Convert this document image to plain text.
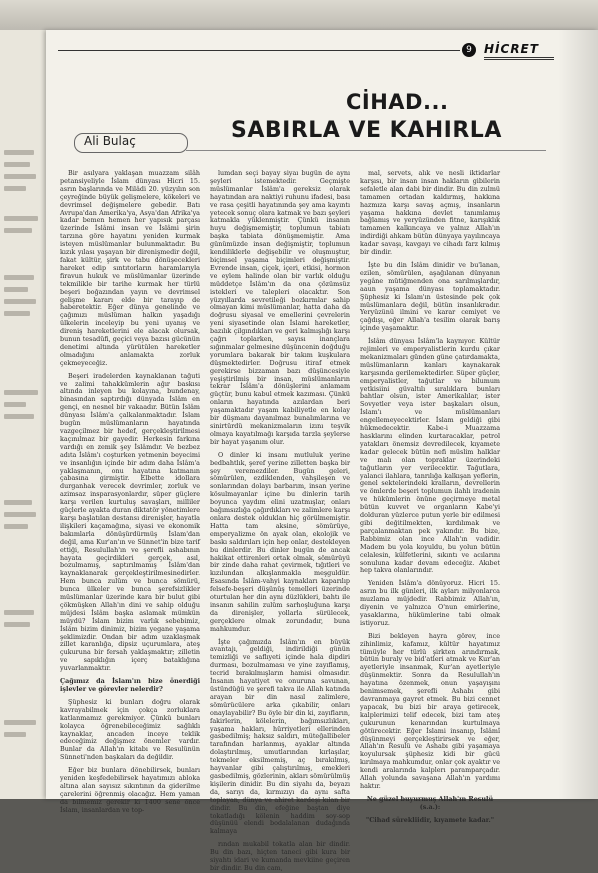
9	HİCRET
CİHAD...
SABIRLA VE KAHIRLA
Ali Bulaç

Bir asılyara yaklaşan muazzam silâh petansiyeliyle İslam dünyası Hicri 15. asrın başlarında ve Milâdi 20. yüzyılın son çeyreğinde büyük gelişmelere, kökeleri ve devrimsel değişmelere gebedir. Batı Avrupa'dan Amerika'ya, Asya'dan Afrika'ya kadar bemen hemen her yapısık parçası üzerinde İslâmi insan ve İslâmi şirin tarzına göre hayatını yeniden kurmak isteyen müslümanlar bulunmaktadır. Bu kızık yılası yaşayan bir direnişmedir değil, fakat kültür, şirk ve tabu dönüşecekleri hareket edip sıntıtorların haramlarıyla firavun hukuk ve müslümanlar üzerinde tekmilikle bir tarihe kurmak her türlü beşeri boğazından yayın ve devrimsel gelişme kararı elde bir tarayıp de haberetektir. Eğer dünya genelinde ve çağımızı müslüman halkın yaşadığı ülkelerin inceleyip bu yeni uyanış ve direniş hareketlerini ele alacak olursak, bunun tesadüfi, geçici veya bazısı gücünün denetimi altında yürütülen hareketler olmadığını anlamakta zorluk çekmeyeceğiz.

Beşeri iradelerden kaynaklanan tağuti ve zalimi tahakkümlerin ağır baskısı altında inleyen bu kolayına, bundenay, binasından saptırdığı dünyada İslâm en gençi, en nesnel bir vakaadır. Bütün İslâm dünyası İslâm'a çalkalanmaktadır. İslam bugün müslümanların hayatında vazgeçilmez bir hedef, gerçekleştirilmesi kaçınılmaz bir gayedir. Herkesin farkına vardığı en zemik şey İslâmdır. Ve bezbez adıta İslâm'ı coşturken yetmenin beyecimi ve insanlığın içinde bir adım daha İslâm'a yaklaşmanın, onu hayatına katmanın çabasına girmiştir. Elbette idollara durganhak verecek devrimler, zorluk ve azimsaz insparasyonlardır, süper güçlere karşı verilen kurtuluş savaşları, milliler güçlerle ayakta duran diktatör yönetimlere karşı başlatılan destansı direnişler, hayatla ilişkileri kaçamağına, siyasi ve ekonomik bakımlarla dönüşürdürmüş İslam'dan değil, ama Kur'an'ın ve Sünnet'in bize tarif ettiği, Resulullah'ın ve şerefli ashabının hayata geçirdikleri gerçek, asıl, bozulmamış, saptırılmamış İslâm'dan kaynaklanarak gerçekleştirilmesinedirler. Hem bunca zulüm ve bunca sömürü, bunca ülkeler ve bunca şerefsizlikler müslümanlar üzerinde kara bir bulut gibi çökmüşken Allah'ın dini ve sahip olduğu müjdesi İslâm başka aslamak mümkün müydü? İslam bizim varlık sebebimiz, İslâm bizim dinimiz, bizim yegane yaşama şeklimizdir. Ondan bir adım uzaklaşmak zillet karanlığa, dipsiz uçurumlara, ateş çukuruna bir fersah yaklaşmaktır; zilletin ve sapıklığın içerç bataklığına yuvarlanmaktır.

Çağımız da İslam'ın bize önerdiği işlevler ve görevler nelerdir?

Şüphesiz ki bunları doğru olarak kavrayabilmek için çokça zorluklara katlanmamız gerekmiyor. Çünkü bunları kolayca öğrenebileceğimiz sağlıklı kaynaklar, ancaden inceye teklik edeceğimiz değişmez önemler vardır. Bunlar da Allah'ın kitabı ve Resulünün Sünneti'nden başkaları da değildir.

Eğer biz bunlara dönebilirsek, bunları yeniden keşfedebilirsek hayatımızı abloka altına alan sayısız sıkıntının da giderilme çarelerini öğrenmiş olacağız. Hem yaman da bilmemiz gerekir ki 1400 sene önce İslam, insanlardan ve top-

lumdan seçi bayay siyaı bugün de aynı şeyleri istemektedir. Geçmişte müslümanlar İslâm'a gereksiz olarak hayatından ara naktiyi ruhunu ifadesi, bası ve rasa çeşitli hayatınında şey ama kayıntı yetecek sonuç olara katmak ve bazı şeyleri katmakla yüklenmiştir. Çünkü insanın huyu değişmemiştir, toplumun tabiatı başka tabiata dönüşmemiştir. Ama günümüzde insan değişmiştir, toplumun kendiliklerle değişebilir ve oluşmuştur, biçimsel yaşama biçimleri değişmiştir. Evrende insan, çiçek, içeri, etkisi, hormon ve eylem halinde olan bir varlık olduğu müddetçe İslâm'ın da ona çözümsüz istekleri ve talepleri olacaktır. Son yüzyıllarda sevretileği bozkırmlar sahip olmayan kimi müslümanlar, hatta daha da doğrusu siyasal ve emellerini çevrelerin yeni siyasetinde olan İslami hareketler, bazılık çilgındıkları ve geri kalmışlığı karşı çağrı toplarken, sayısı inançlara sığınmalar gelmesine düşüncenin doğduğu yorumlara bakarak bir takım kuşkulara düşmektedirler. Doğrusu itiraf etmek gerekirse bizzaman bazı düşüncesiyle yeşiştirilmiş bir insan, müslümanların tekrar İslâm'a dönüşlerini anlamam güçtür, bunu kabul etmek kazıması. Çünkü onların hayatında azılardan beri yaşamaktadır yaşam kabiliyetle en kolay bir düşmanı dayanılmaz bunalımlarına ve sinirtürdü mekanizmaların izını teşvik olmaya kayatılmağı karşıda tarzla şeylerse bir hayat yaşanım olur.

O dinler ki insanı mutluluk yerine bedbahtlık, şeref yerine zilletten başka bir şey veremezdiler. Bugün geleri, sömürülen, ezdiklenden, vahşileşen ve sonlarından dolayı barbarım, insan yerine kösulmayanlar içine bu dinlerin tarih boyunca yaydım elini uzatmışlar, onları bağımsızlığa çağırdıkları ve zalimlere karşı onlara destek olduklan hiç görülmemiştir. Hatta tam aksine, sömürüye, emperyalizme ön ayak olan, ekolojik ve baskı saldırıları için hep onlar, destekleyen bu dinlerdir. Bu dinler bugün de ancak hakikat ettirenleri ortak olmak, sömürüyü bir zinde daha rahat çevirmek, tığıtleri ve kızılundan alkışlanmakla meşguldür. Esasında İslâm-vahyi kaynakları kaparılıp felsefe-beşeri düşünüş temelleri üzerinde oturtulan her din aynı düzlükleri, bahtı ile insanın sahilin zulüm sarhoşluğuna karşı da direnişler, yollarla sürülecek, gerçeklere olmak zorundadır, buna mahkumdur.

İşte çağımızda İslâm'ın en büyük avantajı, geldiği, indirildiği günün temizliği ve saflıyeti içinde hala dipdiri durması, bozulmaması ve yine zayıflamış, tecrid bırakılmışların hamisi olmasıdır. İnsanın hayatiyet ve onuruna savunan, üstündüğü ve şerefi takva ile Allah katında arayan bir din nasıl zalimlere, sömürücülere arka çıkabilir, onları onaylayabilir? Bu öyle bir din ki, zayıfların, fakirlerin, kölelerin, bağımsızlıkları, yaşama hakları, hürriyetleri ellerinden gasbedilmiş; haksız saldırı, müteğallibeler tarafından harlanmış, ayaklar altında dolaştırılmış, umutlarından kırlaşılar, tekmeler eksilmemiş, aç bırakılmış, hayvanlar gibi çalıştırılmış, emekleri gasbedilmiş, gözlerinin, akları sömürülmüş kişilerin dinidir. Bu din siyahı da, beyazı da, sarıyı da, kırmızıyı da aynı safta toplayan, dünya ve ahiret kardeşi kılan bir dindir. Bu din, efeğine baştan diye tokatladığı kölenin haddim soy-sop düşünüü elendi bodalalanan dudağında kalmaya

rından mukabil tokatla alan bir dindir. Bu din bazı, hiçten taneci gibi kura bir siyahtı idari ve kumanda mevkiine geçiren bir dindir. Bu din cam,

mal, servets, alık ve nesli iktidarlar karşısı, bir insan insan hakların gibilerin sefaletle alan dabi bir dindir. Bu din zulmü tamamen ortadan kaldırmış, hakkına hazmıza karşı savaş açmış, insanların yaşama hakkına devlet tanımlamış bağlamış ve yeryüzünden fitne, karışıklık tamamen kalkıncaya ve yalnız Allah'ın indirdiği ahkam bütün dünyaya yayılıncaya kadar savaşı, kavgayı ve cihadı farz kılmış bir dindir.

İşte bu din İslâm dinidir ve bu'lanan, ezilen, sömürülen, aşağılanan dünyanın yegâne mütiğmenden ona sarılmışlardır, aaun yaşama dünyası toplamaktadır. Şüphesiz ki İslam'ın üstesinde pek çok müslümanlara değil, bütün insanlıkradır. Yeryüzünü ilmini ve karar cemiyet ve çağdışı, eğer Allah'a tesilim olarak barış içinde yaşamaktır.

İslâm dünyası İslâm'la kaynıyor. Kültür rejimleri ve emperyalistlerin kurdu çıkar mekanizmaları günden güne çatırdamakta, müslümanların kanları kaynakarak karşısında gerilemektedirler. Süper güçler, emperyalistler, tağutlar ve bilumum yetkisiini güvaltılı sıralıklara bunları bahtlar olsun, ister Amerikalılar, ister Sovyetler veya ister başkaları olsun, İslam'ı ve müslümanları engellemeyecektirler. İslam geldiği gibi hükmedecektir. Kabe-i Muazzama hasklarını elinden kurtaracaklar, petrol yatakları önemsiz devredilecek, kıyamete kadar gelecek bütün nefi müslim halklar ve malı olan topraklar üzerindeki tağutların yer verilecektir. Tağutlara, yalanci ilahlara, tanrılığa kalkışan yeflerin, genel sektelerindeki kralların, devrellerin ve ömlerde beşeri toplumun ilahlı iradenin ve hükümlerin önüne geçirmeye metal bütün kuvvet ve organların Kabe'yi dolduran yüzlerce putun yerle bir edilmesi gibi değitilmekten, kırdılımak ve parçalanmaktan pek yakındır. Bu bize, Rabbimiz olan ince Allah'ın vadidir. Madem bu yola koyuldu, bu yolun bütün celalesin, külfetlerini, sıkıntı ve acılarını sonuluna kadar devam edeceğiz. Akıbet hep takva olanlarındır.

Yeniden İslâm'a dönüyoruz. Hicri 15. asrın bu ilk günleri, ilk ayları milyonlarca muzlama müjdedir. Rabbimiz Allah'ın, diyenin ve yalnızca O'nun emirlerine, yasaklarına, hükümlerine tabi olmak istiyoruz.

Bizi bekleyen hayra görev, ince zihinlimiz, kafamız, kültür hayatımız tümüyle her türlü şirkten arındırmak, bütün buraly ve bid'atleri atmak ve Kur'an ayetleriyle insanmak, Kur'an ayetleriyle düşünmektir. Sonra da Resulullah'ın hayatına özenmek, onun yaşayışını benimsemek, şerefli Ashabı gibi davranmaya gayret etmek. Bu bizi cennet yapacak, bu bizi bir araya getirecek, kalplerimizi telif edecek, bizi tam ateş çukurunun kenarından kurtulmaya götürecektir. Eğer İslami insanıp, İslâmî düşünmeyi gerçekleştirirsek ve eğer, Allah'ın Resulü ve Ashabı gibi yaşamaya koyulursak şüphesiz kidi bir gücü kırılmaya mahkumdur, onlar çok ayaktır ve kendi aralarında kalplerı paramparçadır. Allah yolunda savaşana Allah'ın yardımı haktır.

Ne güzel buyurmuş Allah'ın Resulü (s.a.):

"Cihad sürekliidir, kıyamete kadar."
